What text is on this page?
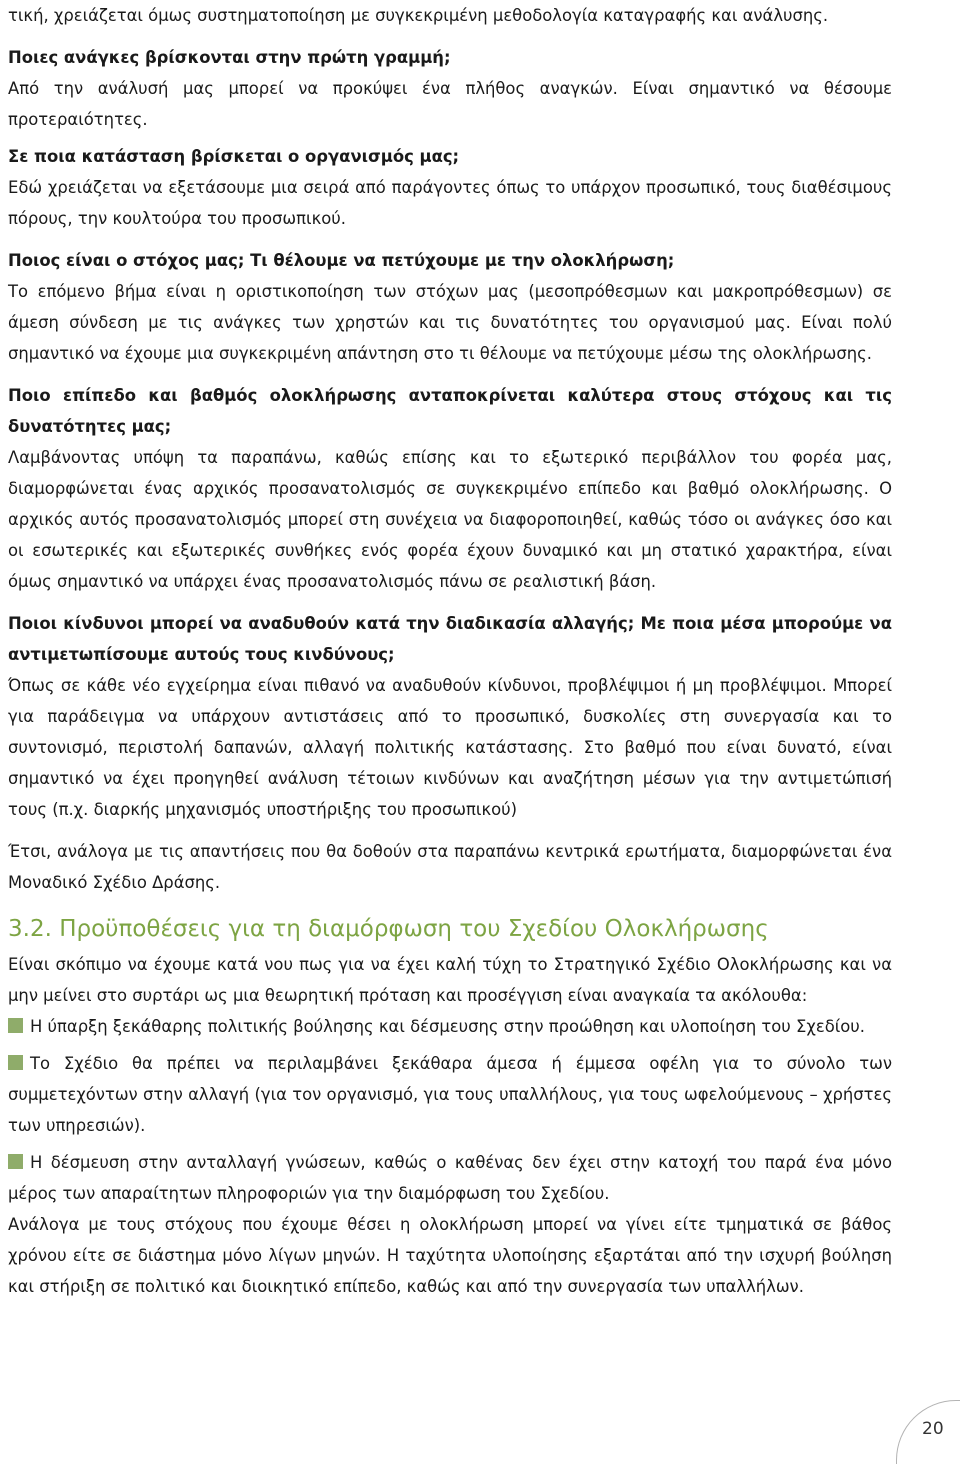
τική, χρειάζεται όμως συστηματοποίηση με συγκεκριμένη μεθοδολογία καταγραφής και ανάλυσης.

Ποιες ανάγκες βρίσκονται στην πρώτη γραμμή;

Από την ανάλυσή μας μπορεί να προκύψει ένα πλήθος αναγκών. Είναι σημαντικό να θέσουμε προτεραιότητες.

Σε ποια κατάσταση βρίσκεται ο οργανισμός μας;

Εδώ χρειάζεται να εξετάσουμε μια σειρά από παράγοντες όπως το υπάρχον προσωπικό, τους διαθέσιμους πόρους, την κουλτούρα του προσωπικού.

Ποιος είναι ο στόχος μας; Τι θέλουμε να πετύχουμε με την ολοκλήρωση;

Το επόμενο βήμα είναι η οριστικοποίηση των στόχων μας (μεσοπρόθεσμων και μακροπρόθεσμων) σε άμεση σύνδεση με τις ανάγκες των χρηστών και τις δυνατότητες του οργανισμού μας. Είναι πολύ σημαντικό να έχουμε μια συγκεκριμένη απάντηση στο τι θέλουμε να πετύχουμε μέσω της ολοκλήρωσης.

Ποιο επίπεδο και βαθμός ολοκλήρωσης ανταποκρίνεται καλύτερα στους στόχους και τις δυνατότητες μας;

Λαμβάνοντας υπόψη τα παραπάνω, καθώς επίσης και το εξωτερικό περιβάλλον του φορέα μας, διαμορφώνεται ένας αρχικός προσανατολισμός σε συγκεκριμένο επίπεδο και βαθμό ολοκλήρωσης. Ο αρχικός αυτός προσανατολισμός μπορεί στη συνέχεια να διαφοροποιηθεί, καθώς τόσο οι ανάγκες όσο και οι εσωτερικές και εξωτερικές συνθήκες ενός φορέα έχουν δυναμικό και μη στατικό χαρακτήρα, είναι όμως σημαντικό να υπάρχει ένας προσανατολισμός πάνω σε ρεαλιστική βάση.

Ποιοι κίνδυνοι μπορεί να αναδυθούν κατά την διαδικασία αλλαγής; Με ποια μέσα μπορούμε να αντιμετωπίσουμε αυτούς τους κινδύνους;

Όπως σε κάθε νέο εγχείρημα είναι πιθανό να αναδυθούν κίνδυνοι, προβλέψιμοι ή μη προβλέψιμοι. Μπορεί για παράδειγμα να υπάρχουν αντιστάσεις από το προσωπικό, δυσκολίες στη συνεργασία και το συντονισμό, περιστολή δαπανών, αλλαγή πολιτικής κατάστασης. Στο βαθμό που είναι δυνατό, είναι σημαντικό να έχει προηγηθεί ανάλυση τέτοιων κινδύνων και αναζήτηση μέσων για την αντιμετώπισή τους (π.χ. διαρκής μηχανισμός υποστήριξης του προσωπικού)

Έτσι, ανάλογα με τις απαντήσεις που θα δοθούν στα παραπάνω κεντρικά ερωτήματα, διαμορφώνεται ένα Μοναδικό Σχέδιο Δράσης.

3.2. Προϋποθέσεις για τη διαμόρφωση του Σχεδίου Ολοκλήρωσης

Είναι σκόπιμο να έχουμε κατά νου πως για να έχει καλή τύχη το Στρατηγικό Σχέδιο Ολοκλήρωσης και να μην μείνει στο συρτάρι ως μια θεωρητική πρόταση και προσέγγιση είναι αναγκαία τα ακόλουθα:

Η ύπαρξη ξεκάθαρης πολιτικής βούλησης και δέσμευσης στην προώθηση και υλοποίηση του Σχεδίου.

Το Σχέδιο θα πρέπει να περιλαμβάνει ξεκάθαρα άμεσα ή έμμεσα οφέλη για το σύνολο των συμμετεχόντων στην αλλαγή (για τον οργανισμό, για τους υπαλλήλους, για τους ωφελούμενους – χρήστες των υπηρεσιών).

Η δέσμευση στην ανταλλαγή γνώσεων, καθώς ο καθένας δεν έχει στην κατοχή του παρά ένα μόνο μέρος των απαραίτητων πληροφοριών για την διαμόρφωση του Σχεδίου.

Ανάλογα με τους στόχους που έχουμε θέσει η ολοκλήρωση μπορεί να γίνει είτε τμηματικά σε βάθος χρόνου είτε σε διάστημα μόνο λίγων μηνών. Η ταχύτητα υλοποίησης εξαρτάται από την ισχυρή βούληση και στήριξη σε πολιτικό και διοικητικό επίπεδο, καθώς και από την συνεργασία των υπαλλήλων.

20
